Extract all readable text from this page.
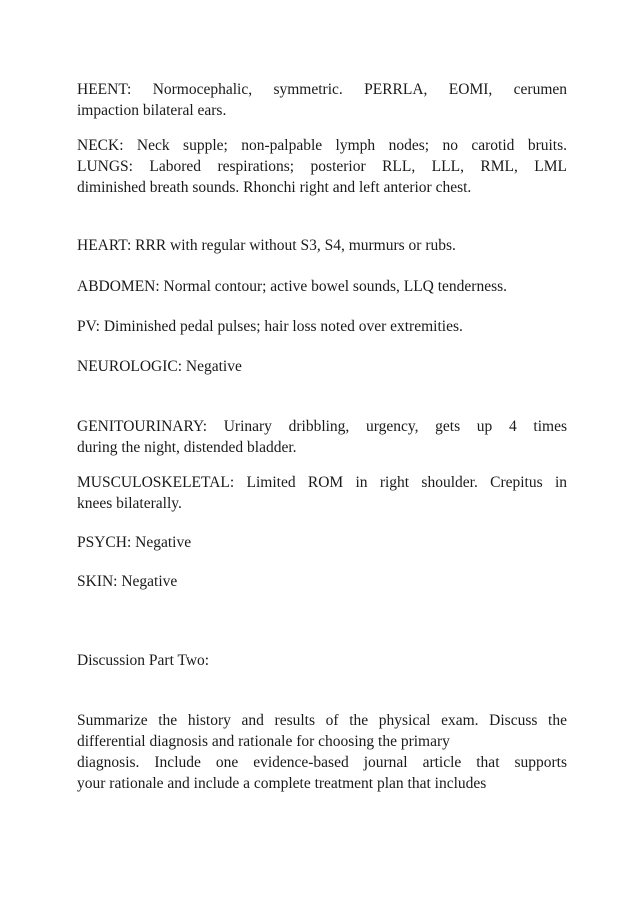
HEENT: Normocephalic, symmetric. PERRLA, EOMI, cerumen
impaction bilateral ears.

NECK: Neck supple; non-palpable lymph nodes; no carotid bruits.
LUNGS: Labored respirations; posterior RLL, LLL, RML, LML
diminished breath sounds. Rhonchi right and left anterior chest.

HEART: RRR with regular without S3, S4, murmurs or rubs.

ABDOMEN: Normal contour; active bowel sounds, LLQ tenderness.

PV: Diminished pedal pulses; hair loss noted over extremities.

NEUROLOGIC: Negative

GENITOURINARY: Urinary dribbling, urgency, gets up 4 times
during the night, distended bladder.

MUSCULOSKELETAL: Limited ROM in right shoulder. Crepitus in
knees bilaterally.

PSYCH: Negative

SKIN: Negative

Discussion Part Two:

Summarize the history and results of the physical exam. Discuss the
differential diagnosis and rationale for choosing the primary
diagnosis. Include one evidence-based journal article that supports
your rationale and include a complete treatment plan that includes
